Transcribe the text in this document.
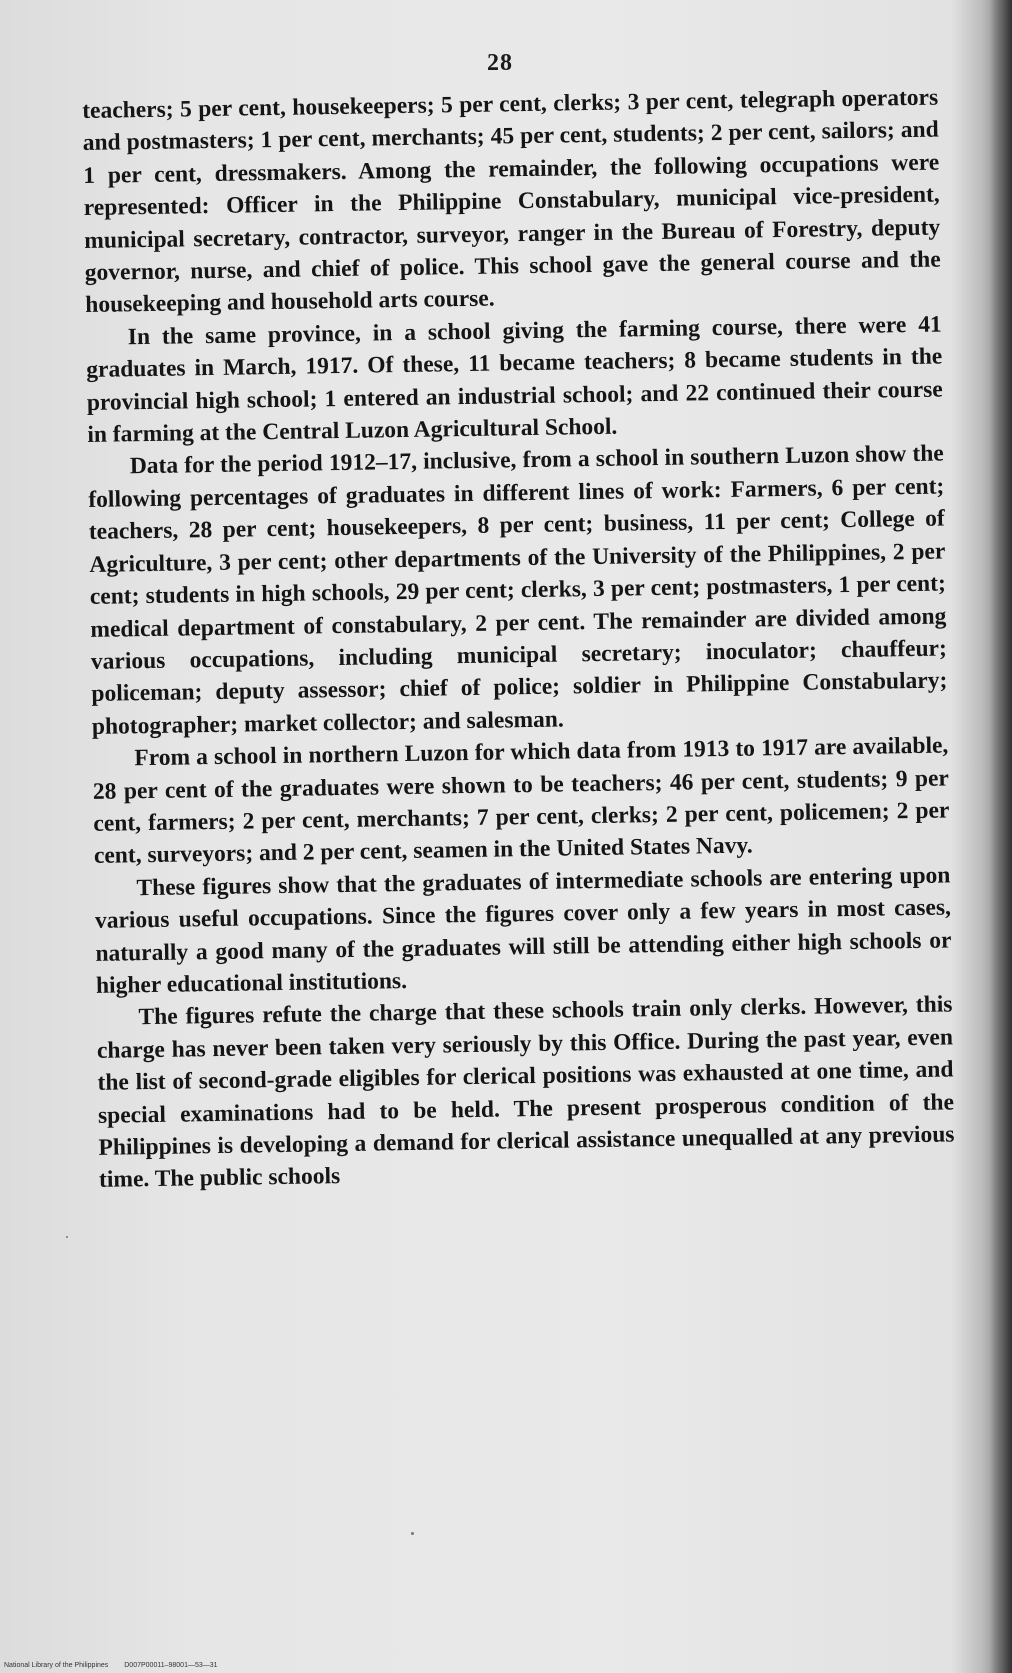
28

teachers; 5 per cent, housekeepers; 5 per cent, clerks; 3 per cent, telegraph operators and postmasters; 1 per cent, merchants; 45 per cent, students; 2 per cent, sailors; and 1 per cent, dressmakers. Among the remainder, the following occupations were represented: Officer in the Philippine Constabulary, municipal vice-president, municipal secretary, contractor, surveyor, ranger in the Bureau of Forestry, deputy governor, nurse, and chief of police. This school gave the general course and the housekeeping and household arts course.

In the same province, in a school giving the farming course, there were 41 graduates in March, 1917. Of these, 11 became teachers; 8 became students in the provincial high school; 1 entered an industrial school; and 22 continued their course in farming at the Central Luzon Agricultural School.

Data for the period 1912–17, inclusive, from a school in southern Luzon show the following percentages of graduates in different lines of work: Farmers, 6 per cent; teachers, 28 per cent; housekeepers, 8 per cent; business, 11 per cent; College of Agriculture, 3 per cent; other departments of the University of the Philippines, 2 per cent; students in high schools, 29 per cent; clerks, 3 per cent; postmasters, 1 per cent; medical department of constabulary, 2 per cent. The remainder are divided among various occupations, including municipal secretary; inoculator; chauffeur; policeman; deputy assessor; chief of police; soldier in Philippine Constabulary; photographer; market collector; and salesman.

From a school in northern Luzon for which data from 1913 to 1917 are available, 28 per cent of the graduates were shown to be teachers; 46 per cent, students; 9 per cent, farmers; 2 per cent, merchants; 7 per cent, clerks; 2 per cent, policemen; 2 per cent, surveyors; and 2 per cent, seamen in the United States Navy.

These figures show that the graduates of intermediate schools are entering upon various useful occupations. Since the figures cover only a few years in most cases, naturally a good many of the graduates will still be attending either high schools or higher educational institutions.

The figures refute the charge that these schools train only clerks. However, this charge has never been taken very seriously by this Office. During the past year, even the list of second-grade eligibles for clerical positions was exhausted at one time, and special examinations had to be held. The present prosperous condition of the Philippines is developing a demand for clerical assistance unequalled at any previous time. The public schools

National Library of the Philippines D007P00011–98001―53―31
